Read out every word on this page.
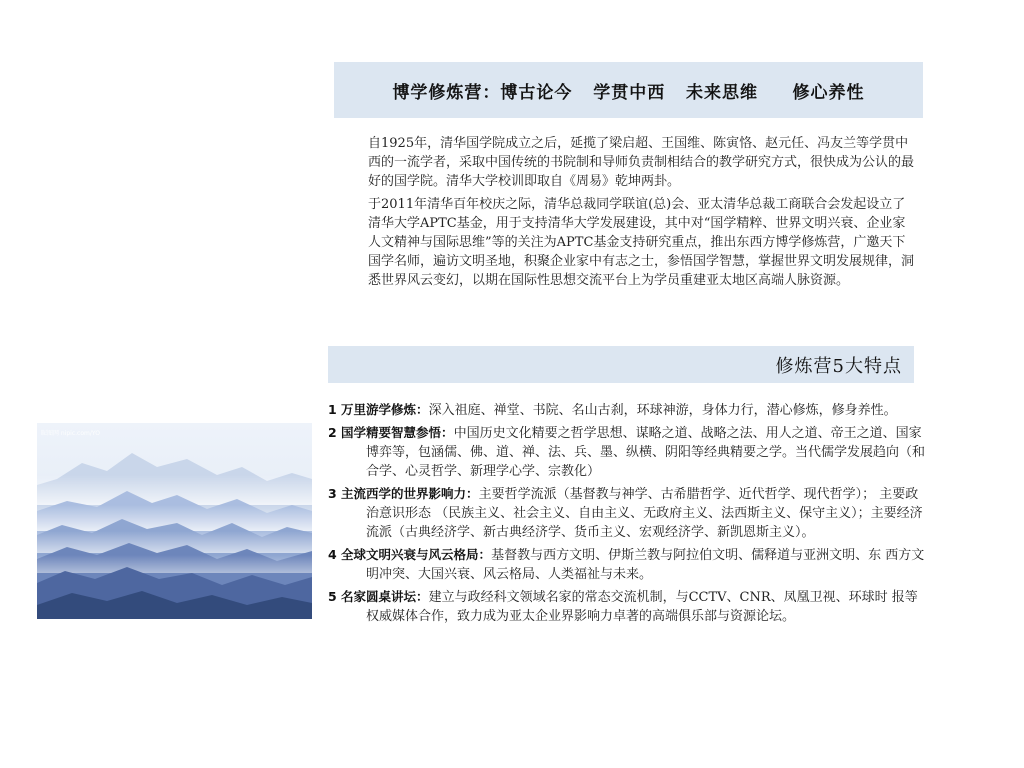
博学修炼营：博古论今   学贯中西   未来思维     修心养性

自1925年，清华国学院成立之后，延揽了梁启超、王国维、陈寅恪、赵元任、冯友兰等学贯中西的一流学者，采取中国传统的书院制和导师负责制相结合的教学研究方式，很快成为公认的最好的国学院。清华大学校训即取自《周易》乾坤两卦。

于2011年清华百年校庆之际，清华总裁同学联谊(总)会、亚太清华总裁工商联合会发起设立了清华大学APTC基金，用于支持清华大学发展建设，其中对“国学精粹、世界文明兴衰、企业家人文精神与国际思维”等的关注为APTC基金支持研究重点，推出东西方博学修炼营，广邀天下国学名师，遍访文明圣地，积聚企业家中有志之士，参悟国学智慧，掌握世界文明发展规律，洞悉世界风云变幻，以期在国际性思想交流平台上为学员重建亚太地区高端人脉资源。

修炼营5大特点
1 万里游学修炼：深入祖庭、禅堂、书院、名山古刹，环球神游，身体力行，潜心修炼，修身养性。
2 国学精要智慧参悟：中国历史文化精要之哲学思想、谋略之道、战略之法、用人之道、帝王之道、国家博弈等，包涵儒、佛、道、禅、法、兵、墨、纵横、阴阳等经典精要之学。当代儒学发展趋向（和合学、心灵哲学、新理学心学、宗教化）
3 主流西学的世界影响力：主要哲学流派（基督教与神学、古希腊哲学、近代哲学、现代哲学）； 主要政治意识形态 （民族主义、社会主义、自由主义、无政府主义、法西斯主义、保守主义）；主要经济流派（古典经济学、新古典经济学、货币主义、宏观经济学、新凯恩斯主义）。
4 全球文明兴衰与风云格局：基督教与西方文明、伊斯兰教与阿拉伯文明、儒释道与亚洲文明、东 西方文明冲突、大国兴衰、风云格局、人类福祉与未来。
5 名家圆桌讲坛：建立与政经科文领域名家的常态交流机制，与CCTV、CNR、凤凰卫视、环球时 报等权威媒体合作，致力成为亚太企业界影响力卓著的高端俱乐部与资源论坛。
昵图网 nipic.com/YO
